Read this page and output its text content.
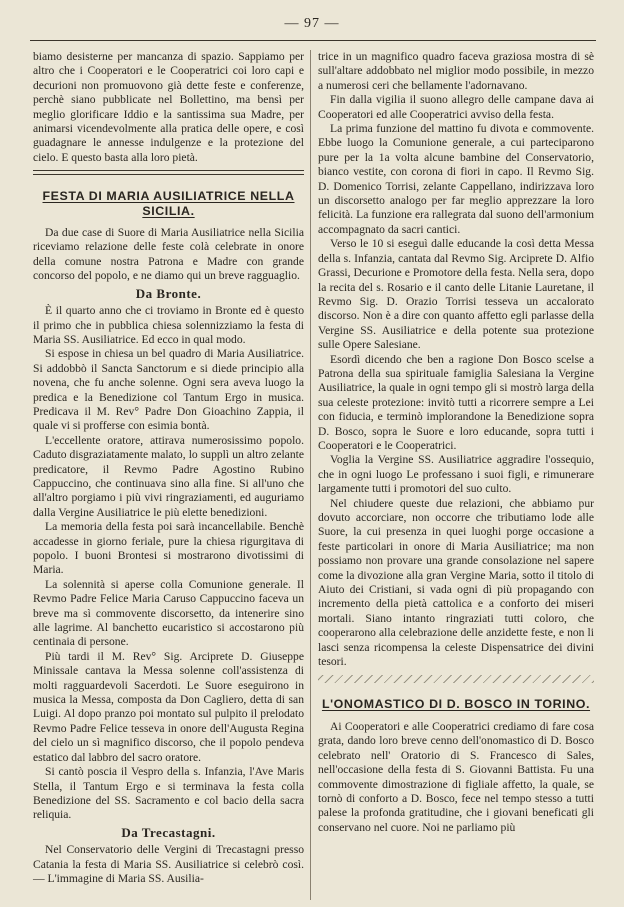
— 97 —

biamo desisterne per mancanza di spazio. Sappiamo per altro che i Cooperatori e le Cooperatrici coi loro capi e decurioni non promuovono già dette feste e conferenze, perchè siano pubblicate nel Bollettino, ma bensì per meglio glorificare Iddio e la santissima sua Madre, per animarsi vicendevolmente alla pratica delle opere, e così guadagnare le annesse indulgenze e la protezione del cielo. E questo basta alla loro pietà.

FESTA DI MARIA AUSILIATRICE NELLA SICILIA.

Da due case di Suore di Maria Ausiliatrice nella Sicilia riceviamo relazione delle feste colà celebrate in onore della comune nostra Patrona e Madre con grande concorso del popolo, e ne diamo qui un breve ragguaglio.

Da Bronte.

È il quarto anno che ci troviamo in Bronte ed è questo il primo che in pubblica chiesa solennizziamo la festa di Maria SS. Ausiliatrice. Ed ecco in qual modo.

Si espose in chiesa un bel quadro di Maria Ausiliatrice. Si addobbò il Sancta Sanctorum e si diede principio alla novena, che fu anche solenne. Ogni sera aveva luogo la predica e la Benedizione col Tantum Ergo in musica. Predicava il M. Rev° Padre Don Gioachino Zappia, il quale vi si profferse con esimia bontà.

L'eccellente oratore, attirava numerosissimo popolo. Caduto disgraziatamente malato, lo supplì un altro zelante predicatore, il Revmo Padre Agostino Rubino Cappuccino, che continuava sino alla fine. Si all'uno che all'altro porgiamo i più vivi ringraziamenti, ed auguriamo dalla Vergine Ausiliatrice le più elette benedizioni.

La memoria della festa poi sarà incancellabile. Benchè accadesse in giorno feriale, pure la chiesa rigurgitava di popolo. I buoni Brontesi si mostrarono divotissimi di Maria.

La solennità si aperse colla Comunione generale. Il Revmo Padre Felice Maria Caruso Cappuccino faceva un breve ma sì commovente discorsetto, da intenerire sino alle lagrime. Al banchetto eucaristico si accostarono più centinaia di persone.

Più tardi il M. Rev° Sig. Arciprete D. Giuseppe Minissale cantava la Messa solenne coll'assistenza di molti ragguardevoli Sacerdoti. Le Suore eseguirono in musica la Messa, composta da Don Cagliero, detta di san Luigi. Al dopo pranzo poi montato sul pulpito il prelodato Revmo Padre Felice tesseva in onore dell'Augusta Regina del cielo un sì magnifico discorso, che il popolo pendeva estatico dal labbro del sacro oratore.

Si cantò poscia il Vespro della s. Infanzia, l'Ave Maris Stella, il Tantum Ergo e si terminava la festa colla Benedizione del SS. Sacramento e col bacio della sacra reliquia.

Da Trecastagni.

Nel Conservatorio delle Vergini di Trecastagni presso Catania la festa di Maria SS. Ausiliatrice si celebrò così. — L'immagine di Maria SS. Ausilia-

trice in un magnifico quadro faceva graziosa mostra di sè sull'altare addobbato nel miglior modo possibile, in mezzo a numerosi ceri che bellamente l'adornavano.

Fin dalla vigilia il suono allegro delle campane dava ai Cooperatori ed alle Cooperatrici avviso della festa.

La prima funzione del mattino fu divota e commovente. Ebbe luogo la Comunione generale, a cui parteciparono pure per la 1a volta alcune bambine del Conservatorio, bianco vestite, con corona di fiori in capo. Il Revmo Sig. D. Domenico Torrisi, zelante Cappellano, indirizzava loro un discorsetto analogo per far meglio apprezzare la loro felicità. La funzione era rallegrata dal suono dell'armonium accompagnato da sacri cantici.

Verso le 10 si eseguì dalle educande la così detta Messa della s. Infanzia, cantata dal Revmo Sig. Arciprete D. Alfio Grassi, Decurione e Promotore della festa. Nella sera, dopo la recita del s. Rosario e il canto delle Litanie Lauretane, il Revmo Sig. D. Orazio Torrisi tesseva un accalorato discorso. Non è a dire con quanto affetto egli parlasse della Vergine SS. Ausiliatrice e della potente sua protezione sulle Opere Salesiane.

Esordì dicendo che ben a ragione Don Bosco scelse a Patrona della sua spirituale famiglia Salesiana la Vergine Ausiliatrice, la quale in ogni tempo gli si mostrò larga della sua celeste protezione: invitò tutti a ricorrere sempre a Lei con fiducia, e terminò implorandone la Benedizione sopra D. Bosco, sopra le Suore e loro educande, sopra tutti i Cooperatori e le Cooperatrici.

Voglia la Vergine SS. Ausiliatrice aggradire l'ossequio, che in ogni luogo Le professano i suoi figli, e rimunerare largamente tutti i promotori del suo culto.

Nel chiudere queste due relazioni, che abbiamo pur dovuto accorciare, non occorre che tributiamo lode alle Suore, la cui presenza in quei luoghi porge occasione a feste particolari in onore di Maria Ausiliatrice; ma non possiamo non provare una grande consolazione nel sapere come la divozione alla gran Vergine Maria, sotto il titolo di Aiuto dei Cristiani, si vada ogni dì più propagando con incremento della pietà cattolica e a conforto dei miseri mortali. Siano intanto ringraziati tutti coloro, che cooperarono alla celebrazione delle anzidette feste, e non li lasci senza ricompensa la celeste Dispensatrice dei divini tesori.

L'ONOMASTICO DI D. BOSCO IN TORINO.

Ai Cooperatori e alle Cooperatrici crediamo di fare cosa grata, dando loro breve cenno dell'onomastico di D. Bosco celebrato nell' Oratorio di S. Francesco di Sales, nell'occasione della festa di S. Giovanni Battista. Fu una commovente dimostrazione di figliale affetto, la quale, se tornò di conforto a D. Bosco, fece nel tempo stesso a tutti palese la profonda gratitudine, che i giovani beneficati gli conservano nel cuore. Noi ne parliamo più
